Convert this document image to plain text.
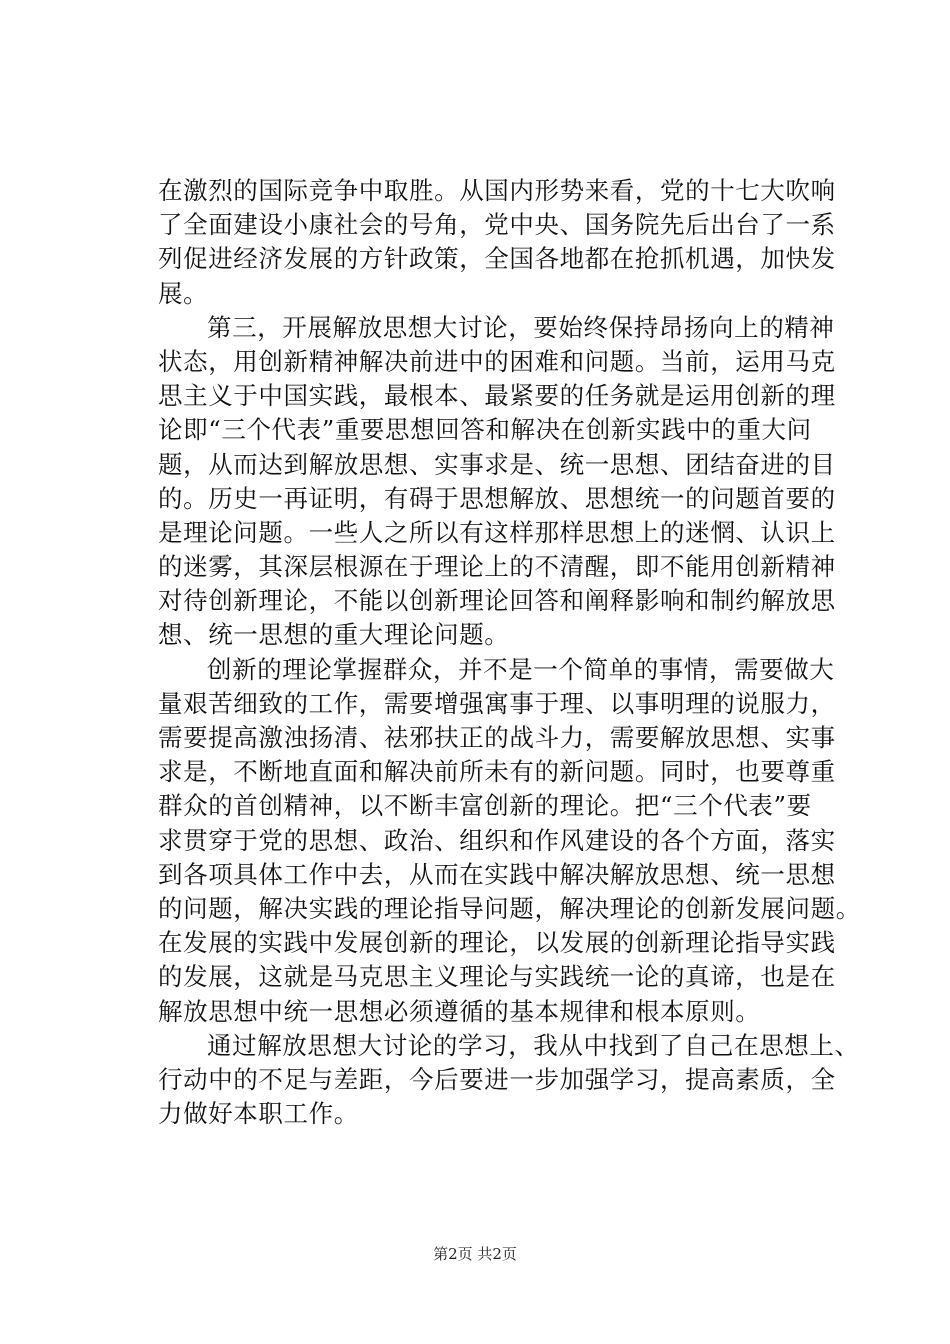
在激烈的国际竞争中取胜。从国内形势来看，党的十七大吹响
了全面建设小康社会的号角，党中央、国务院先后出台了一系
列促进经济发展的方针政策，全国各地都在抢抓机遇，加快发
展。
第三，开展解放思想大讨论，要始终保持昂扬向上的精神
状态，用创新精神解决前进中的困难和问题。当前，运用马克
思主义于中国实践，最根本、最紧要的任务就是运用创新的理
论即“三个代表”重要思想回答和解决在创新实践中的重大问
题，从而达到解放思想、实事求是、统一思想、团结奋进的目
的。历史一再证明，有碍于思想解放、思想统一的问题首要的
是理论问题。一些人之所以有这样那样思想上的迷惘、认识上
的迷雾，其深层根源在于理论上的不清醒，即不能用创新精神
对待创新理论，不能以创新理论回答和阐释影响和制约解放思
想、统一思想的重大理论问题。
创新的理论掌握群众，并不是一个简单的事情，需要做大
量艰苦细致的工作，需要增强寓事于理、以事明理的说服力，
需要提高激浊扬清、祛邪扶正的战斗力，需要解放思想、实事
求是，不断地直面和解决前所未有的新问题。同时，也要尊重
群众的首创精神，以不断丰富创新的理论。把“三个代表”要
求贯穿于党的思想、政治、组织和作风建设的各个方面，落实
到各项具体工作中去，从而在实践中解决解放思想、统一思想
的问题，解决实践的理论指导问题，解决理论的创新发展问题。
在发展的实践中发展创新的理论，以发展的创新理论指导实践
的发展，这就是马克思主义理论与实践统一论的真谛，也是在
解放思想中统一思想必须遵循的基本规律和根本原则。
通过解放思想大讨论的学习，我从中找到了自己在思想上、
行动中的不足与差距，今后要进一步加强学习，提高素质，全
力做好本职工作。
第2页 共2页
